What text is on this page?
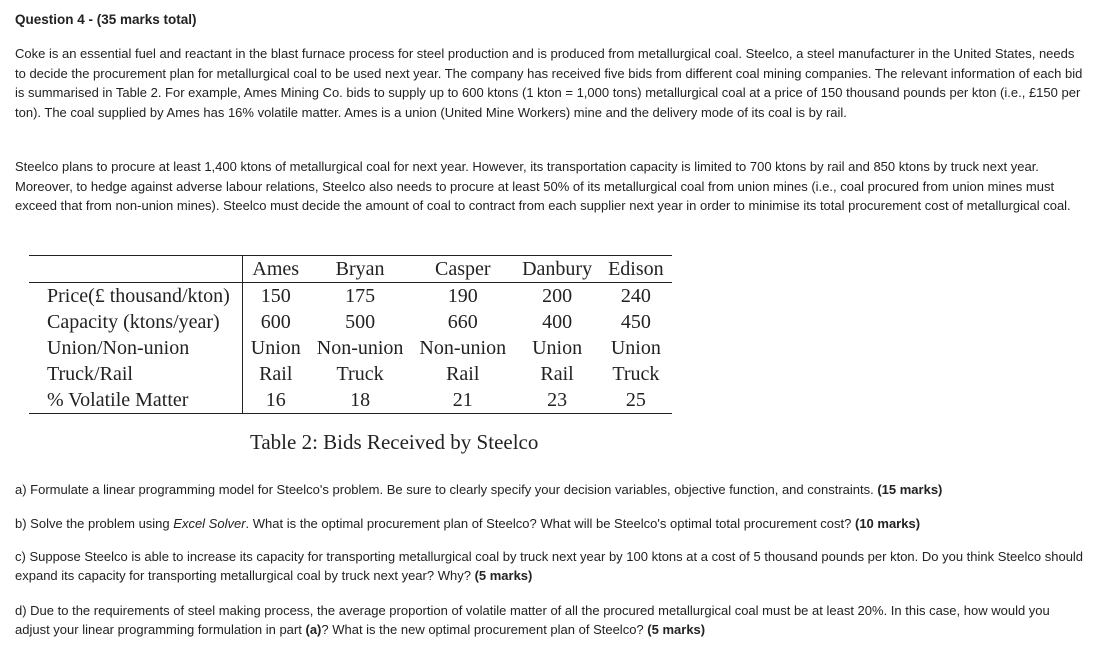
Question 4 - (35 marks total)

Coke is an essential fuel and reactant in the blast furnace process for steel production and is produced from metallurgical coal. Steelco, a steel manufacturer in the United States, needs to decide the procurement plan for metallurgical coal to be used next year. The company has received five bids from different coal mining companies. The relevant information of each bid is summarised in Table 2. For example, Ames Mining Co. bids to supply up to 600 ktons (1 kton = 1,000 tons) metallurgical coal at a price of 150 thousand pounds per kton (i.e., £150 per ton). The coal supplied by Ames has 16% volatile matter. Ames is a union (United Mine Workers) mine and the delivery mode of its coal is by rail.

Steelco plans to procure at least 1,400 ktons of metallurgical coal for next year. However, its transportation capacity is limited to 700 ktons by rail and 850 ktons by truck next year. Moreover, to hedge against adverse labour relations, Steelco also needs to procure at least 50% of its metallurgical coal from union mines (i.e., coal procured from union mines must exceed that from non-union mines). Steelco must decide the amount of coal to contract from each supplier next year in order to minimise its total procurement cost of metallurgical coal.

	Ames	Bryan	Casper	Danbury	Edison
Price(£ thousand/kton)	150	175	190	200	240
Capacity (ktons/year)	600	500	660	400	450
Union/Non-union	Union	Non-union	Non-union	Union	Union
Truck/Rail	Rail	Truck	Rail	Rail	Truck
% Volatile Matter	16	18	21	23	25
Table 2: Bids Received by Steelco

a) Formulate a linear programming model for Steelco's problem. Be sure to clearly specify your decision variables, objective function, and constraints. (15 marks)

b) Solve the problem using Excel Solver. What is the optimal procurement plan of Steelco? What will be Steelco's optimal total procurement cost? (10 marks)

c) Suppose Steelco is able to increase its capacity for transporting metallurgical coal by truck next year by 100 ktons at a cost of 5 thousand pounds per kton. Do you think Steelco should expand its capacity for transporting metallurgical coal by truck next year? Why? (5 marks)

d) Due to the requirements of steel making process, the average proportion of volatile matter of all the procured metallurgical coal must be at least 20%. In this case, how would you adjust your linear programming formulation in part (a)? What is the new optimal procurement plan of Steelco? (5 marks)
